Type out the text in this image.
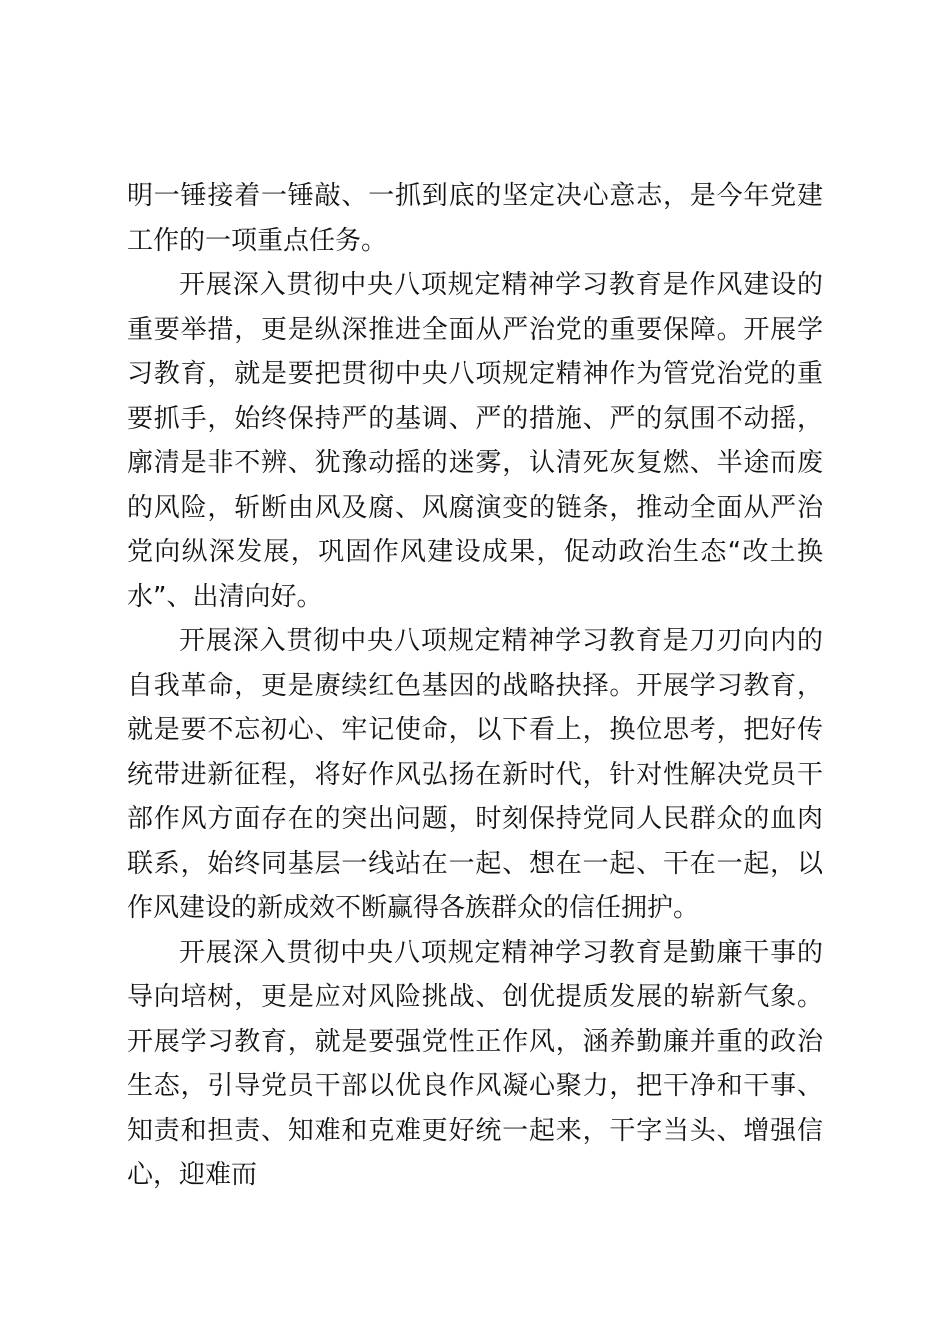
明一锤接着一锤敲、一抓到底的坚定决心意志，是今年党建工作的一项重点任务。

开展深入贯彻中央八项规定精神学习教育是作风建设的重要举措，更是纵深推进全面从严治党的重要保障。开展学习教育，就是要把贯彻中央八项规定精神作为管党治党的重要抓手，始终保持严的基调、严的措施、严的氛围不动摇，廓清是非不辨、犹豫动摇的迷雾，认清死灰复燃、半途而废的风险，斩断由风及腐、风腐演变的链条，推动全面从严治党向纵深发展，巩固作风建设成果，促动政治生态“改土换水”、出清向好。

开展深入贯彻中央八项规定精神学习教育是刀刃向内的自我革命，更是赓续红色基因的战略抉择。开展学习教育，就是要不忘初心、牢记使命，以下看上，换位思考，把好传统带进新征程，将好作风弘扬在新时代，针对性解决党员干部作风方面存在的突出问题，时刻保持党同人民群众的血肉联系，始终同基层一线站在一起、想在一起、干在一起，以作风建设的新成效不断赢得各族群众的信任拥护。

开展深入贯彻中央八项规定精神学习教育是勤廉干事的导向培树，更是应对风险挑战、创优提质发展的崭新气象。开展学习教育，就是要强党性正作风，涵养勤廉并重的政治生态，引导党员干部以优良作风凝心聚力，把干净和干事、知责和担责、知难和克难更好统一起来，干字当头、增强信心，迎难而
